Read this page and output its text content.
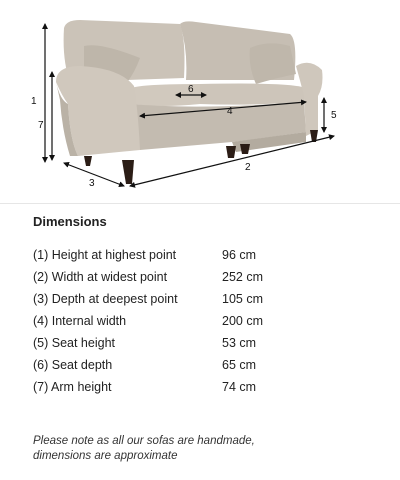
1
2
3
4	5
6
7
Dimensions
(1) Height at highest point	96 cm
(2) Width at widest point	252 cm
(3) Depth at deepest point	105 cm
(4) Internal width	200 cm
(5) Seat height	53 cm
(6) Seat depth	65 cm
(7) Arm height	74 cm
Please note as all our sofas are handmade,
dimensions are approximate
